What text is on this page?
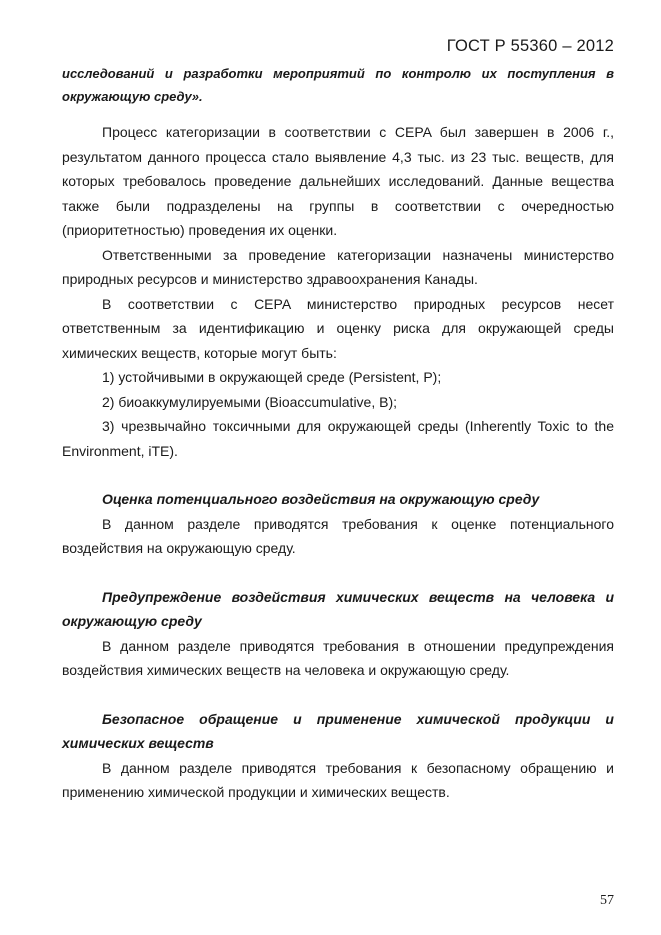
ГОСТ Р 55360 – 2012

исследований и разработки мероприятий по контролю их поступления в

окружающую среду».

Процесс категоризации в соответствии с CEPA был завершен в 2006 г., результатом данного процесса стало выявление 4,3 тыс. из 23 тыс. веществ, для которых требовалось проведение дальнейших исследований. Данные вещества также были подразделены на группы в соответствии с очередностью (приоритетностью) проведения их оценки.

Ответственными за проведение категоризации назначены министерство природных ресурсов и министерство здравоохранения Канады.

В соответствии с CEPA министерство природных ресурсов несет ответственным за идентификацию и оценку риска для окружающей среды химических веществ, которые могут быть:

1) устойчивыми в окружающей среде (Persistent, P);

2) биоаккумулируемыми (Bioaccumulative, B);

3) чрезвычайно токсичными для окружающей среды (Inherently Toxic to the Environment, iTE).

Оценка потенциального воздействия на окружающую среду

В данном разделе приводятся требования к оценке потенциального воздействия на окружающую среду.

Предупреждение воздействия химических веществ на человека и окружающую среду

В данном разделе приводятся требования в отношении предупреждения воздействия химических веществ на человека и окружающую среду.

Безопасное обращение и применение химической продукции и химических веществ

В данном разделе приводятся требования к безопасному обращению и применению химической продукции и химических веществ.

57
